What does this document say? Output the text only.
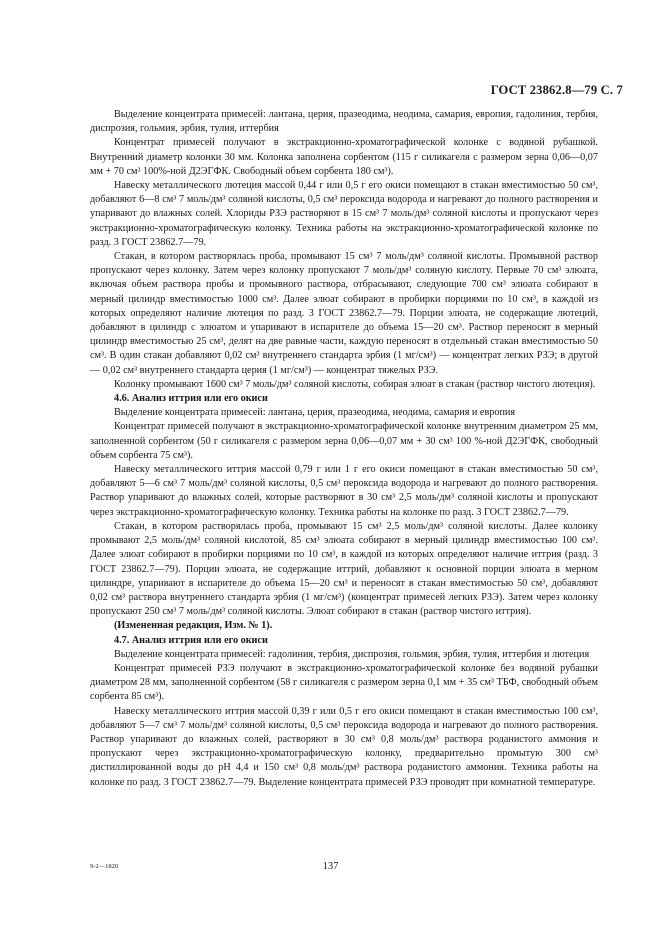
ГОСТ 23862.8—79 С. 7

Выделение концентрата примесей: лантана, церия, празеодима, неодима, самария, европия, гадолиния, тербия, диспрозия, гольмия, эрбия, тулия, иттербия

Концентрат примесей получают в экстракционно-хроматографической колонке с водяной рубашкой. Внутренний диаметр колонки 30 мм. Колонка заполнена сорбентом (115 г силикагеля с размером зерна 0,06—0,07 мм + 70 см³ 100%-ной Д2ЭГФК. Свободный объем сорбента 180 см³).

Навеску металлического лютеция массой 0,44 г или 0,5 г его окиси помещают в стакан вместимостью 50 см³, добавляют 6—8 см³ 7 моль/дм³ соляной кислоты, 0,5 см³ пероксида водорода и нагревают до полного растворения и упаривают до влажных солей. Хлориды РЗЭ растворяют в 15 см³ 7 моль/дм³ соляной кислоты и пропускают через экстракционно-хроматографическую колонку. Техника работы на экстракционно-хроматографической колонке по разд. 3 ГОСТ 23862.7—79.

Стакан, в котором растворялась проба, промывают 15 см³ 7 моль/дм³ соляной кислоты. Промывной раствор пропускают через колонку. Затем через колонку пропускают 7 моль/дм³ соляную кислоту. Первые 70 см³ элюата, включая объем раствора пробы и промывного раствора, отбрасывают, следующие 700 см³ элюата собирают в мерный цилиндр вместимостью 1000 см³. Далее элюат собирают в пробирки порциями по 10 см³, в каждой из которых определяют наличие лютеция по разд. 3 ГОСТ 23862.7—79. Порции элюата, не содержащие лютеций, добавляют в цилиндр с элюатом и упаривают в испарителе до объема 15—20 см³. Раствор переносят в мерный цилиндр вместимостью 25 см³, делят на две равные части, каждую переносят в отдельный стакан вместимостью 50 см³. В один стакан добавляют 0,02 см³ внутреннего стандарта эрбия (1 мг/см³) — концентрат легких РЗЭ; в другой — 0,02 см³ внутреннего стандарта церия (1 мг/см³) — концентрат тяжелых РЗЭ.

Колонку промывают 1600 см³ 7 моль/дм³ соляной кислоты, собирая элюат в стакан (раствор чистого лютеция).

4.6. Анализ иттрия или его окиси

Выделение концентрата примесей: лантана, церия, празеодима, неодима, самария и европия

Концентрат примесей получают в экстракционно-хроматографической колонке внутренним диаметром 25 мм, заполненной сорбентом (50 г силикагеля с размером зерна 0,06—0,07 мм + 30 см³ 100 %-ной Д2ЭГФК, свободный объем сорбента 75 см³).

Навеску металлического иттрия массой 0,79 г или 1 г его окиси помещают в стакан вместимостью 50 см³, добавляют 5—6 см³ 7 моль/дм³ соляной кислоты, 0,5 см³ пероксида водорода и нагревают до полного растворения. Раствор упаривают до влажных солей, которые растворяют в 30 см³ 2,5 моль/дм³ соляной кислоты и пропускают через экстракционно-хроматографическую колонку. Техника работы на колонке по разд. 3 ГОСТ 23862.7—79.

Стакан, в котором растворялась проба, промывают 15 см³ 2,5 моль/дм³ соляной кислоты. Далее колонку промывают 2,5 моль/дм³ соляной кислотой, 85 см³ элюата собирают в мерный цилиндр вместимостью 100 см³. Далее элюат собирают в пробирки порциями по 10 см³, в каждой из которых определяют наличие иттрия (разд. 3 ГОСТ 23862.7—79). Порции элюата, не содержащие иттрий, добавляют к основной порции элюата в мерном цилиндре, упаривают в испарителе до объема 15—20 см³ и переносят в стакан вместимостью 50 см³, добавляют 0,02 см³ раствора внутреннего стандарта эрбия (1 мг/см³) (концентрат примесей легких РЗЭ). Затем через колонку пропускают 250 см³ 7 моль/дм³ соляной кислоты. Элюат собирают в стакан (раствор чистого иттрия).

(Измененная редакция, Изм. № 1).

4.7. Анализ иттрия или его окиси

Выделение концентрата примесей: гадолиния, тербия, диспрозия, гольмия, эрбия, тулия, иттербия и лютеция

Концентрат примесей РЗЭ получают в экстракционно-хроматографической колонке без водяной рубашки диаметром 28 мм, заполненной сорбентом (58 г силикагеля с размером зерна 0,1 мм + 35 см³ ТБФ, свободный объем сорбента 85 см³).

Навеску металлического иттрия массой 0,39 г или 0,5 г его окиси помещают в стакан вместимостью 100 см³, добавляют 5—7 см³ 7 моль/дм³ соляной кислоты, 0,5 см³ пероксида водорода и нагревают до полного растворения. Раствор упаривают до влажных солей, растворяют в 30 см³ 0,8 моль/дм³ раствора роданистого аммония и пропускают через экстракционно-хроматографическую колонку, предварительно промытую 300 см³ дистиллированной воды до pH 4,4 и 150 см³ 0,8 моль/дм³ раствора роданистого аммония. Техника работы на колонке по разд. 3 ГОСТ 23862.7—79. Выделение концентрата примесей РЗЭ проводят при комнатной температуре.

9-2—1820	137
